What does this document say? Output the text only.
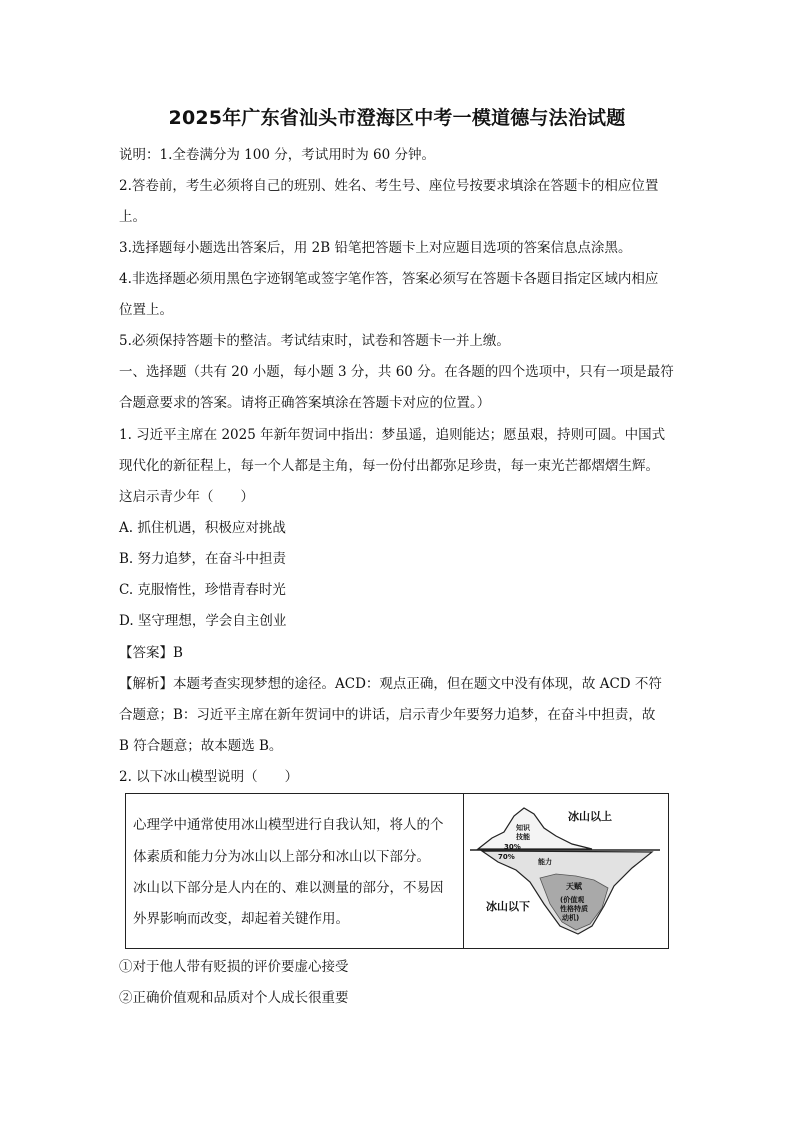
2025年广东省汕头市澄海区中考一模道德与法治试题
说明：1.全卷满分为 100 分，考试用时为 60 分钟。
2.答卷前，考生必须将自己的班别、姓名、考生号、座位号按要求填涂在答题卡的相应位置
上。
3.选择题每小题选出答案后，用 2B 铅笔把答题卡上对应题目选项的答案信息点涂黑。
4.非选择题必须用黑色字迹钢笔或签字笔作答，答案必须写在答题卡各题目指定区域内相应
位置上。
5.必须保持答题卡的整洁。考试结束时，试卷和答题卡一并上缴。
一、选择题（共有 20 小题，每小题 3 分，共 60 分。在各题的四个选项中，只有一项是最符
合题意要求的答案。请将正确答案填涂在答题卡对应的位置。）
1. 习近平主席在 2025 年新年贺词中指出：梦虽遥，追则能达；愿虽艰，持则可圆。中国式
现代化的新征程上，每一个人都是主角，每一份付出都弥足珍贵，每一束光芒都熠熠生辉。
这启示青少年（　　）
A. 抓住机遇，积极应对挑战
B. 努力追梦，在奋斗中担责
C. 克服惰性，珍惜青春时光
D. 坚守理想，学会自主创业
【答案】B
【解析】本题考查实现梦想的途径。ACD：观点正确，但在题文中没有体现，故 ACD 不符
合题意；B：习近平主席在新年贺词中的讲话，启示青少年要努力追梦，在奋斗中担责，故
B 符合题意；故本题选 B。
2. 以下冰山模型说明（　　）
心理学中通常使用冰山模型进行自我认知，将人的个
体素质和能力分为冰山以上部分和冰山以下部分。
冰山以下部分是人内在的、难以测量的部分，不易因
外界影响而改变，却起着关键作用。
冰山以上
知识
技能
30%
70%
能力
天赋
(价值观
性格特质
动机)
冰山以下
①对于他人带有贬损的评价要虚心接受
②正确价值观和品质对个人成长很重要
